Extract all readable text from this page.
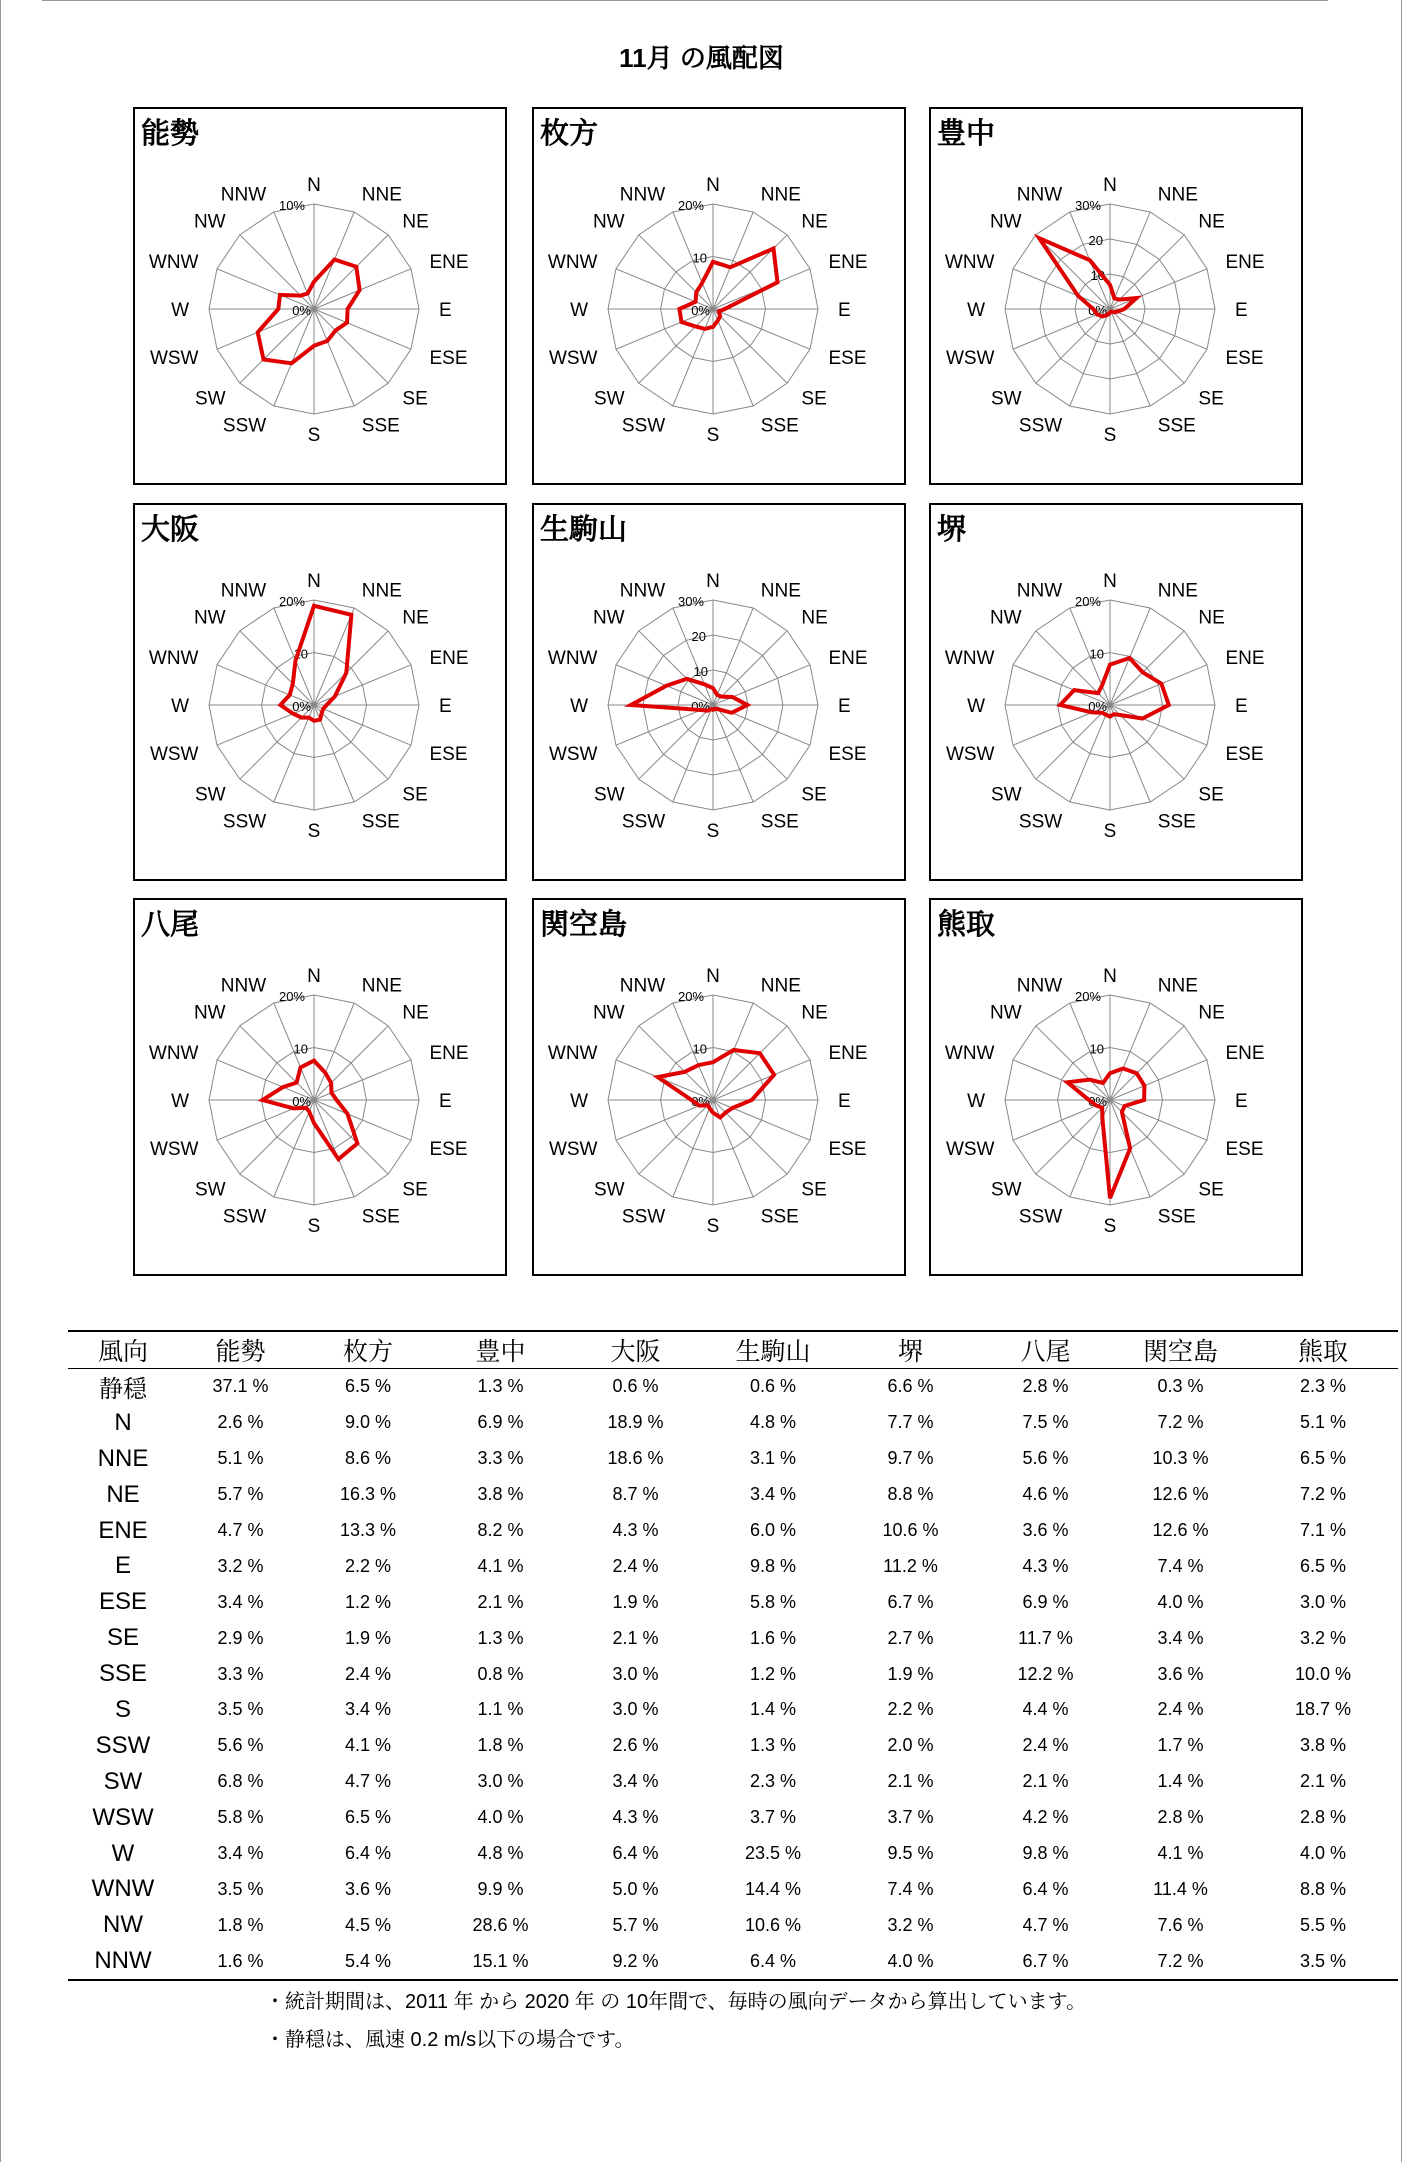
11月 の風配図
0%
10%
N NNE
NE
ENE
E
ESE
SE
SSE
S
SSW
SW
WSW
W
WNW
NW
NNW
能勢
0%
10
20%
N NNE
NE
ENE
E
ESE
SE
SSE
S
SSW
SW
WSW
W
WNW
NW
NNW
枚方
0%
10
20
30%
N NNE
NE
ENE
E
ESE
SE
SSE
S
SSW
SW
WSW
W
WNW
NW
NNW
豊中
0%
10
20%
N NNE
NE
ENE
E
ESE
SE
SSE
S
SSW
SW
WSW
W
WNW
NW
NNW
大阪
0%
10
20
30%
N NNE
NE
ENE
E
ESE
SE
SSE
S
SSW
SW
WSW
W
WNW
NW
NNW
生駒山
0%
10
20%
N NNE
NE
ENE
E
ESE
SE
SSE
S
SSW
SW
WSW
W
WNW
NW
NNW
堺
0%
10
20%
N NNE
NE
ENE
E
ESE
SE
SSE
S
SSW
SW
WSW
W
WNW
NW
NNW
八尾
0%
10
20%
N NNE
NE
ENE
E
ESE
SE
SSE
S
SSW
SW
WSW
W
WNW
NW
NNW
関空島
0%
10
20%
N NNE
NE
ENE
E
ESE
SE
SSE
S
SSW
SW
WSW
W
WNW
NW
NNW
熊取
風向	能勢	枚方	豊中	大阪	生駒山	堺	八尾	関空島	熊取
静穏	37.1 %	6.5 %	1.3 %	0.6 %	0.6 %	6.6 %	2.8 %	0.3 %	2.3 %
N	2.6 %	9.0 %	6.9 %	18.9 %	4.8 %	7.7 %	7.5 %	7.2 %	5.1 %
NNE	5.1 %	8.6 %	3.3 %	18.6 %	3.1 %	9.7 %	5.6 %	10.3 %	6.5 %
NE	5.7 %	16.3 %	3.8 %	8.7 %	3.4 %	8.8 %	4.6 %	12.6 %	7.2 %
ENE	4.7 %	13.3 %	8.2 %	4.3 %	6.0 %	10.6 %	3.6 %	12.6 %	7.1 %
E	3.2 %	2.2 %	4.1 %	2.4 %	9.8 %	11.2 %	4.3 %	7.4 %	6.5 %
ESE	3.4 %	1.2 %	2.1 %	1.9 %	5.8 %	6.7 %	6.9 %	4.0 %	3.0 %
SE	2.9 %	1.9 %	1.3 %	2.1 %	1.6 %	2.7 %	11.7 %	3.4 %	3.2 %
SSE	3.3 %	2.4 %	0.8 %	3.0 %	1.2 %	1.9 %	12.2 %	3.6 %	10.0 %
S	3.5 %	3.4 %	1.1 %	3.0 %	1.4 %	2.2 %	4.4 %	2.4 %	18.7 %
SSW	5.6 %	4.1 %	1.8 %	2.6 %	1.3 %	2.0 %	2.4 %	1.7 %	3.8 %
SW	6.8 %	4.7 %	3.0 %	3.4 %	2.3 %	2.1 %	2.1 %	1.4 %	2.1 %
WSW	5.8 %	6.5 %	4.0 %	4.3 %	3.7 %	3.7 %	4.2 %	2.8 %	2.8 %
W	3.4 %	6.4 %	4.8 %	6.4 %	23.5 %	9.5 %	9.8 %	4.1 %	4.0 %
WNW	3.5 %	3.6 %	9.9 %	5.0 %	14.4 %	7.4 %	6.4 %	11.4 %	8.8 %
NW	1.8 %	4.5 %	28.6 %	5.7 %	10.6 %	3.2 %	4.7 %	7.6 %	5.5 %
NNW	1.6 %	5.4 %	15.1 %	9.2 %	6.4 %	4.0 %	6.7 %	7.2 %	3.5 %
・統計期間は、2011 年 から 2020 年 の 10年間で、毎時の風向データから算出しています。
・静穏は、風速 0.2 m/s以下の場合です。
